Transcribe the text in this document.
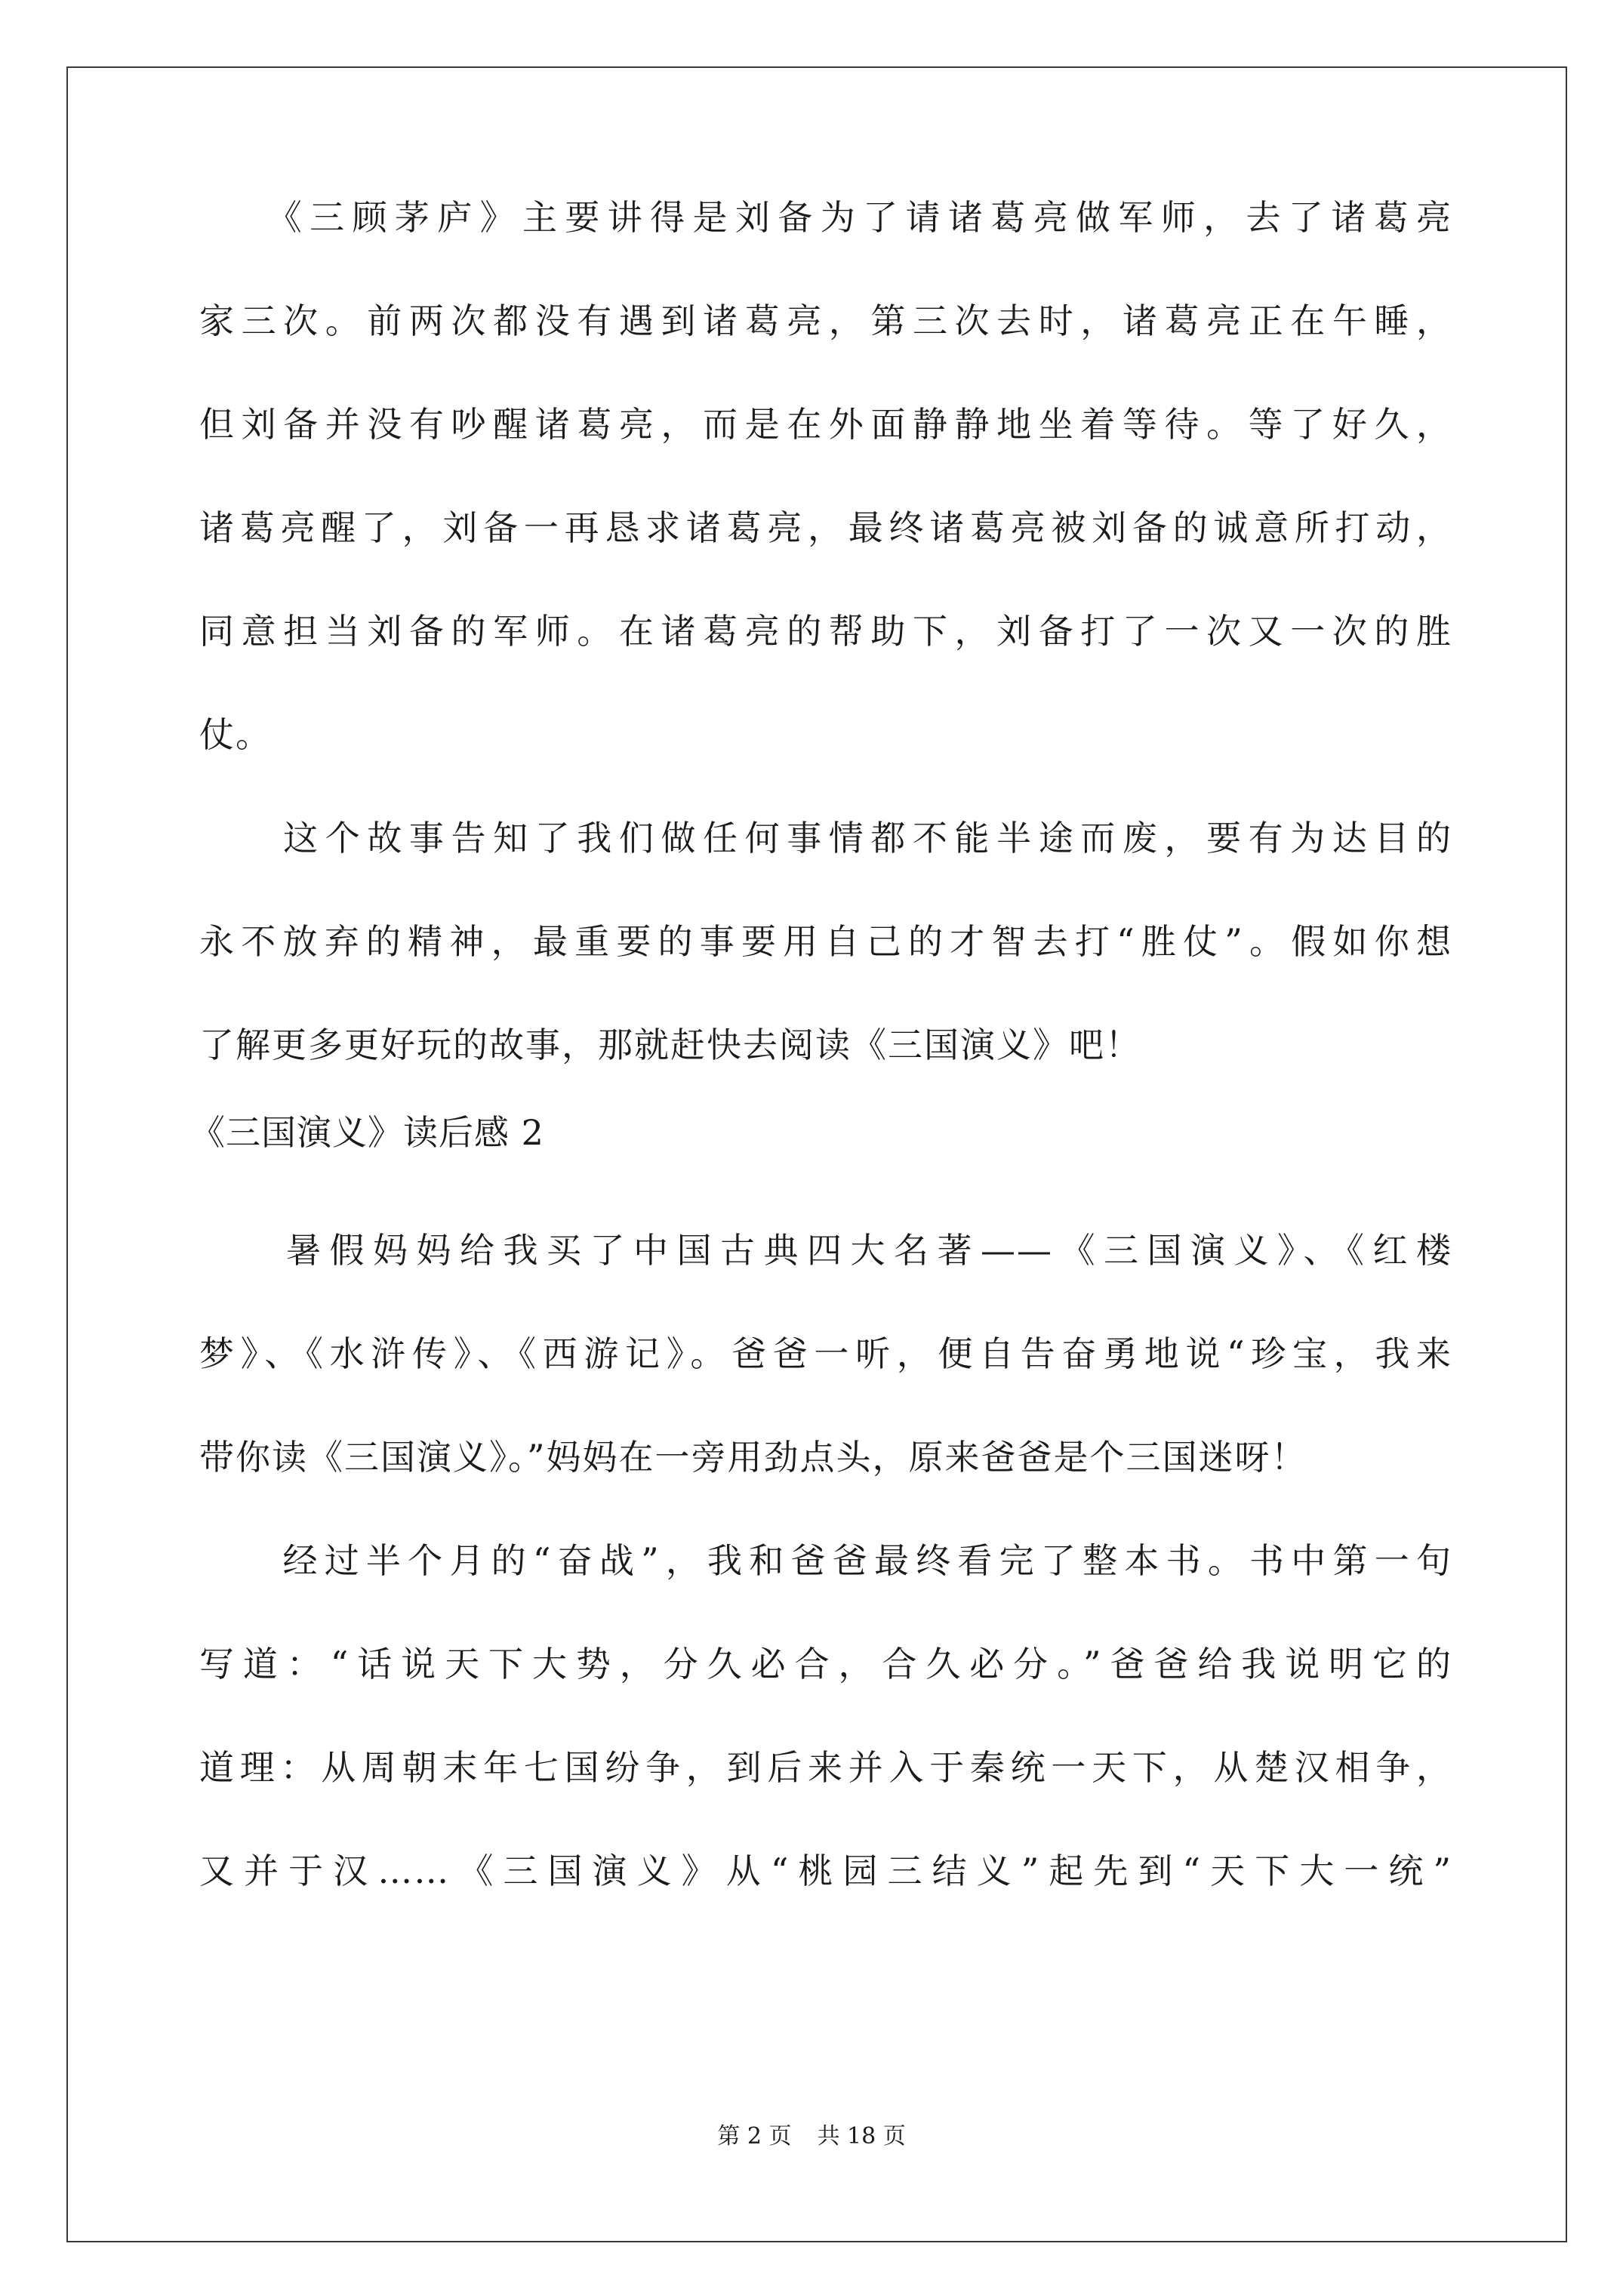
　　《三顾茅庐》主要讲得是刘备为了请诸葛亮做军师，去了诸葛亮

家三次。前两次都没有遇到诸葛亮，第三次去时，诸葛亮正在午睡，

但刘备并没有吵醒诸葛亮，而是在外面静静地坐着等待。等了好久，

诸葛亮醒了，刘备一再恳求诸葛亮，最终诸葛亮被刘备的诚意所打动，

同意担当刘备的军师。在诸葛亮的帮助下，刘备打了一次又一次的胜

仗。

　　这个故事告知了我们做任何事情都不能半途而废，要有为达目的

永不放弃的精神，最重要的事要用自己的才智去打“胜仗”。假如你想

了解更多更好玩的故事，那就赶快去阅读《三国演义》吧！

《三国演义》读后感 2

　　暑假妈妈给我买了中国古典四大名著——《三国演义》、《红楼

梦》、《水浒传》、《西游记》。爸爸一听，便自告奋勇地说“珍宝，我来

带你读《三国演义》。”妈妈在一旁用劲点头，原来爸爸是个三国迷呀！

　　经过半个月的“奋战”，我和爸爸最终看完了整本书。书中第一句

写道：“话说天下大势，分久必合，合久必分。”爸爸给我说明它的

道理：从周朝末年七国纷争，到后来并入于秦统一天下，从楚汉相争，

又并于汉……《三国演义》从“桃园三结义”起先到“天下大一统”

第 2 页 共 18 页
